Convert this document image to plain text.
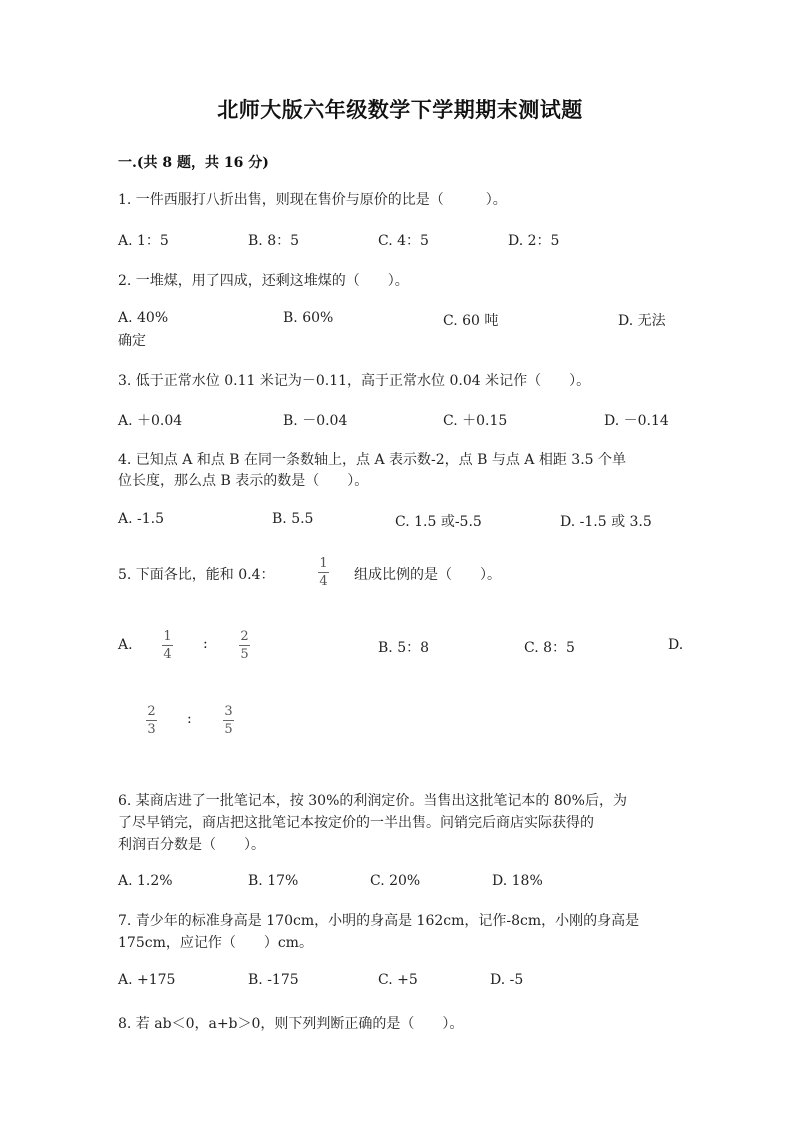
北师大版六年级数学下学期期末测试题
一.(共 8 题，共 16 分)
1. 一件西服打八折出售，则现在售价与原价的比是（　　　）。
A. 1：5	B. 8：5	C. 4：5	D. 2：5
2. 一堆煤，用了四成，还剩这堆煤的（　　）。
A. 40%	B. 60%	C. 60 吨	D. 无法
确定
3. 低于正常水位 0.11 米记为－0.11，高于正常水位 0.04 米记作（　　）。
A. ＋0.04	B. －0.04	C. ＋0.15	D. －0.14
4. 已知点 A 和点 B 在同一条数轴上，点 A 表示数-2，点 B 与点 A 相距 3.5 个单
位长度，那么点 B 表示的数是（　　）。
A. -1.5	B. 5.5	C. 1.5 或-5.5	D. -1.5 或 3.5
5. 下面各比，能和 0.4：
1
4 组成比例的是（　　）。
A.
1
4
:	2
5	B. 5：8	C. 8：5	D.
2
3
:	3
5
6. 某商店进了一批笔记本，按 30%的利润定价。当售出这批笔记本的 80%后，为
了尽早销完，商店把这批笔记本按定价的一半出售。问销完后商店实际获得的
利润百分数是（　　）。
A. 1.2%	B. 17%	C. 20%	D. 18%
7. 青少年的标准身高是 170cm，小明的身高是 162cm，记作-8cm，小刚的身高是
175cm，应记作（　　）cm。
A. +175	B. -175	C. +5	D. -5
8. 若 ab＜0，a+b＞0，则下列判断正确的是（　　）。
